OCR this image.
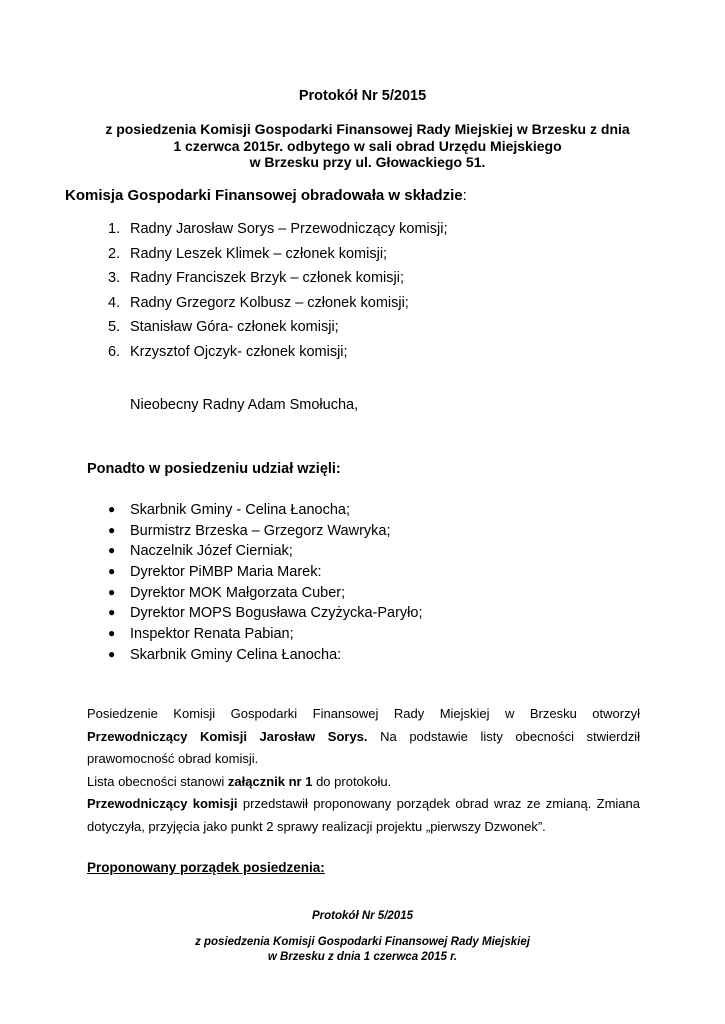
Protokół Nr 5/2015
z posiedzenia Komisji Gospodarki Finansowej Rady Miejskiej w Brzesku z dnia
1 czerwca 2015r. odbytego w sali obrad Urzędu Miejskiego
w Brzesku przy ul. Głowackiego 51.
Komisja Gospodarki Finansowej obradowała w składzie:
1. Radny Jarosław Sorys – Przewodniczący komisji;
2. Radny Leszek Klimek – członek komisji;
3. Radny Franciszek Brzyk – członek komisji;
4. Radny Grzegorz Kolbusz – członek komisji;
5. Stanisław Góra- członek komisji;
6. Krzysztof Ojczyk- członek komisji;
Nieobecny Radny Adam Smołucha,
Ponadto w posiedzeniu udział wzięli:
● Skarbnik Gminy - Celina Łanocha;
● Burmistrz Brzeska – Grzegorz Wawryka;
● Naczelnik Józef Cierniak;
● Dyrektor PiMBP Maria Marek:
● Dyrektor MOK Małgorzata Cuber;
● Dyrektor MOPS Bogusława Czyżycka-Paryło;
● Inspektor Renata Pabian;
● Skarbnik Gminy Celina Łanocha:
Posiedzenie Komisji Gospodarki Finansowej Rady Miejskiej w Brzesku otworzył
Przewodniczący Komisji Jarosław Sorys. Na podstawie listy obecności stwierdził
prawomocność obrad komisji.
Lista obecności stanowi załącznik nr 1 do protokołu.
Przewodniczący komisji przedstawił proponowany porządek obrad wraz ze zmianą. Zmiana
dotyczyła, przyjęcia jako punkt 2 sprawy realizacji projektu „pierwszy Dzwonek”.
Proponowany porządek posiedzenia:
Protokół Nr 5/2015
z posiedzenia Komisji Gospodarki Finansowej Rady Miejskiej
w Brzesku z dnia 1 czerwca 2015 r.
